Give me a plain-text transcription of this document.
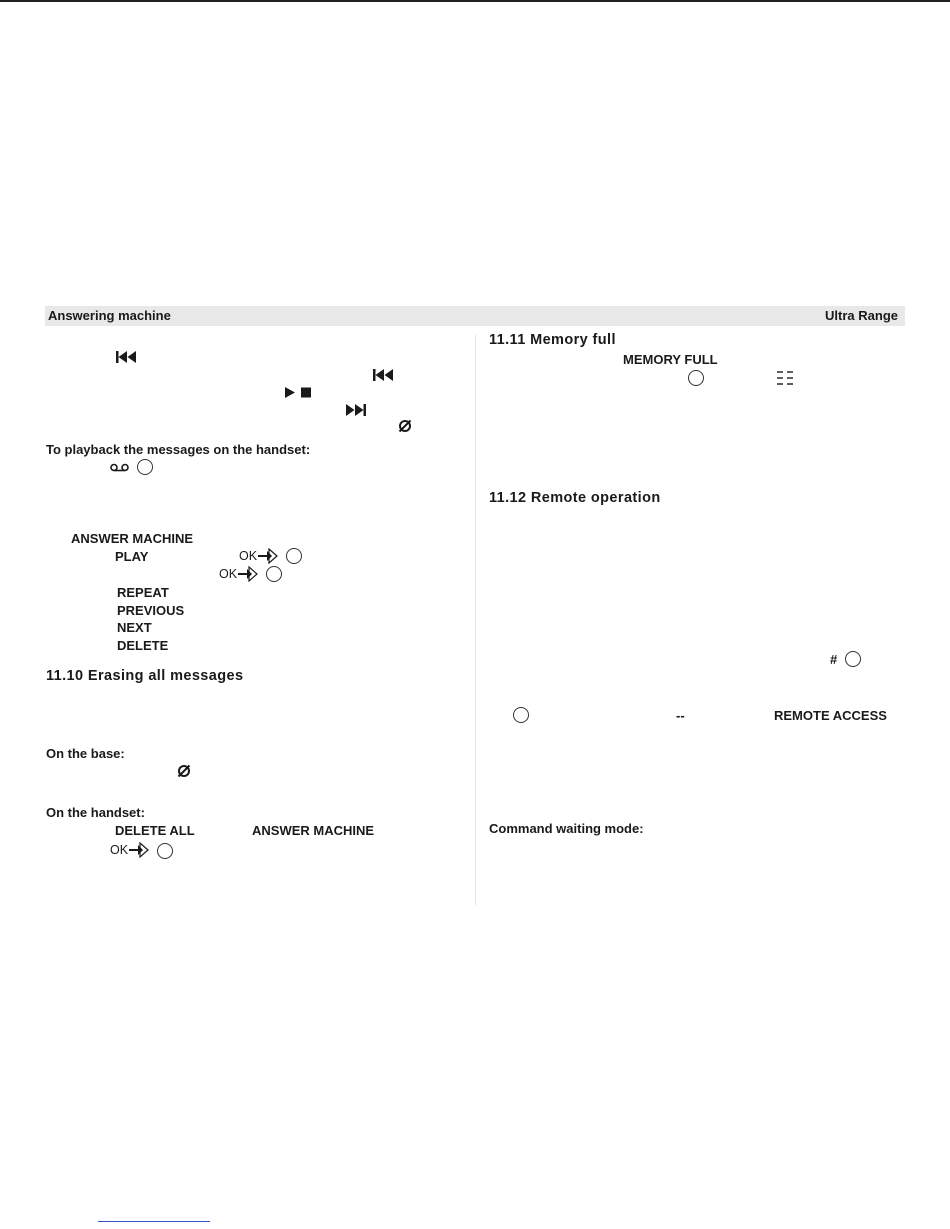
Answering machine	Ultra Range
To playback the messages on the handset:
ANSWER MACHINE
PLAY	OK
OK
REPEAT
PREVIOUS
NEXT
DELETE
11.10 Erasing all messages
On the base:
On the handset:
DELETE ALL	ANSWER MACHINE
OK
11.11 Memory full
MEMORY FULL
11.12 Remote operation
#
--	REMOTE ACCESS
Command waiting mode:
